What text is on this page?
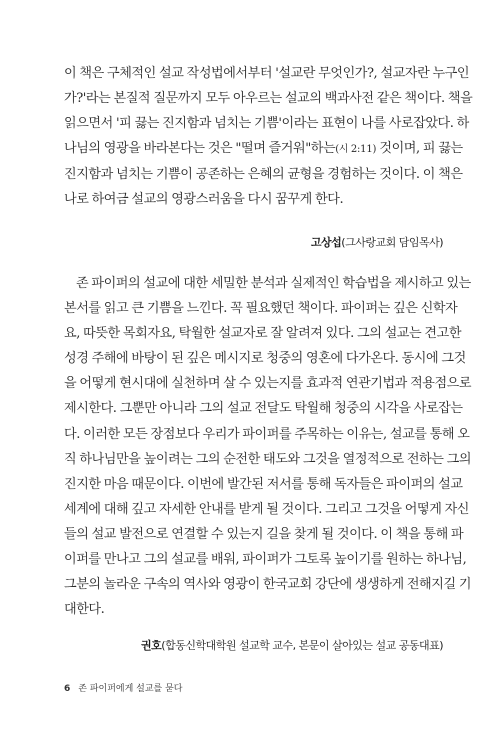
이 책은 구체적인 설교 작성법에서부터 '설교란 무엇인가?, 설교자란 누구인
가?'라는 본질적 질문까지 모두 아우르는 설교의 백과사전 같은 책이다. 책을
읽으면서 '피 끓는 진지함과 넘치는 기쁨'이라는 표현이 나를 사로잡았다. 하
나님의 영광을 바라본다는 것은 "떨며 즐거워"하는(시 2:11) 것이며, 피 끓는
진지함과 넘치는 기쁨이 공존하는 은혜의 균형을 경험하는 것이다. 이 책은
나로 하여금 설교의 영광스러움을 다시 꿈꾸게 한다.

고상섭(그사랑교회 담임목사)

존 파이퍼의 설교에 대한 세밀한 분석과 실제적인 학습법을 제시하고 있는
본서를 읽고 큰 기쁨을 느낀다. 꼭 필요했던 책이다. 파이퍼는 깊은 신학자
요, 따뜻한 목회자요, 탁월한 설교자로 잘 알려져 있다. 그의 설교는 견고한
성경 주해에 바탕이 된 깊은 메시지로 청중의 영혼에 다가온다. 동시에 그것
을 어떻게 현시대에 실천하며 살 수 있는지를 효과적 연관기법과 적용점으로
제시한다. 그뿐만 아니라 그의 설교 전달도 탁월해 청중의 시각을 사로잡는
다. 이러한 모든 장점보다 우리가 파이퍼를 주목하는 이유는, 설교를 통해 오
직 하나님만을 높이려는 그의 순전한 태도와 그것을 열정적으로 전하는 그의
진지한 마음 때문이다. 이번에 발간된 저서를 통해 독자들은 파이퍼의 설교
세계에 대해 깊고 자세한 안내를 받게 될 것이다. 그리고 그것을 어떻게 자신
들의 설교 발전으로 연결할 수 있는지 길을 찾게 될 것이다. 이 책을 통해 파
이퍼를 만나고 그의 설교를 배워, 파이퍼가 그토록 높이기를 원하는 하나님,
그분의 놀라운 구속의 역사와 영광이 한국교회 강단에 생생하게 전해지길 기
대한다.

권호(합동신학대학원 설교학 교수, 본문이 살아있는 설교 공동대표)
6 존 파이퍼에게 설교를 묻다
